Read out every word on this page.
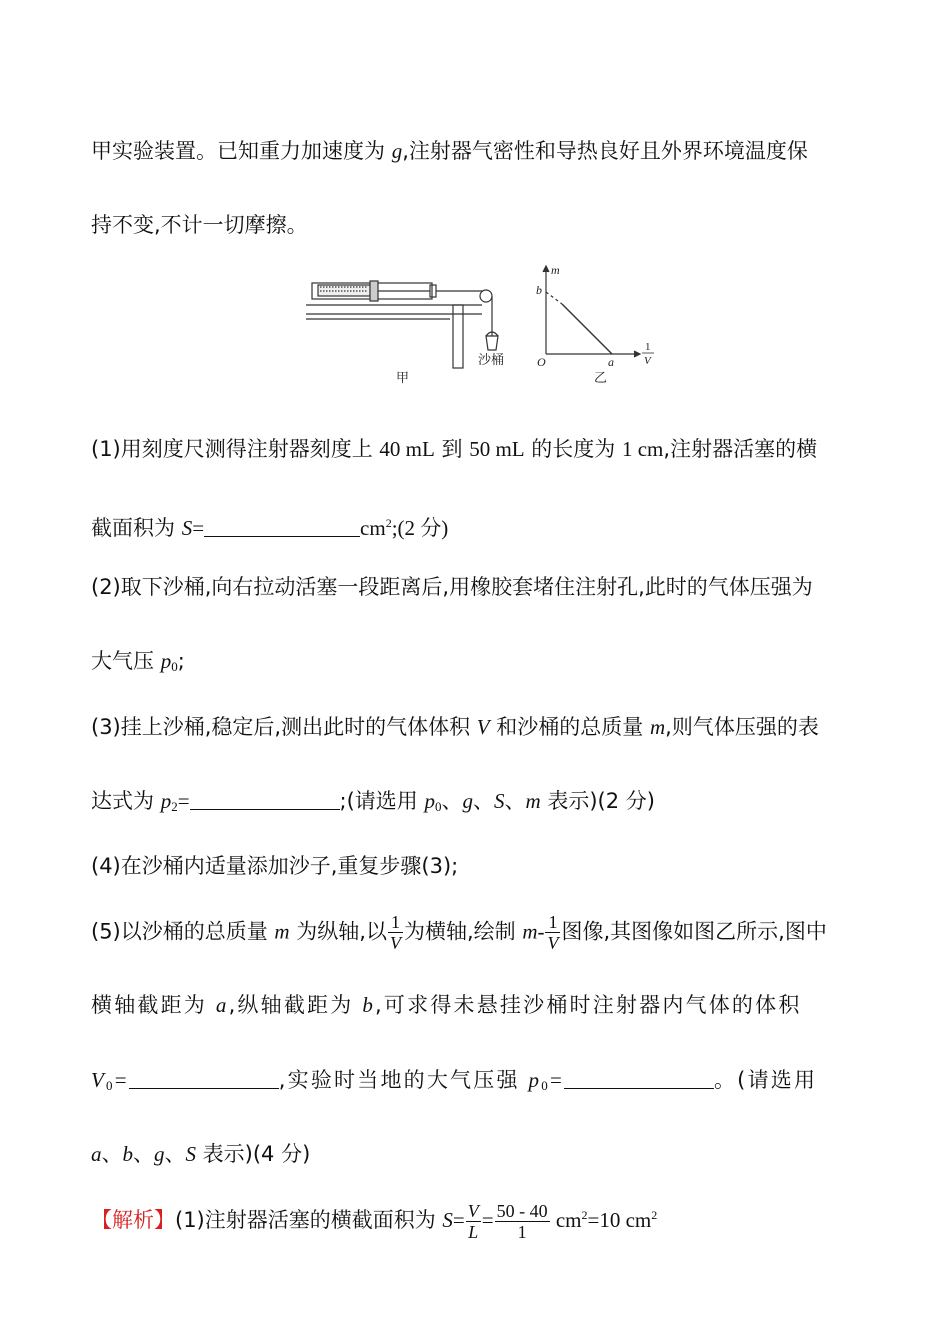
甲实验装置。已知重力加速度为 g,注射器气密性和导热良好且外界环境温度保
持不变,不计一切摩擦。
沙桶
甲
m
b
O	a
1
V
乙
(1)用刻度尺测得注射器刻度上 40 mL 到 50 mL 的长度为 1 cm,注射器活塞的横
截面积为 S=	$cm^2;(2$ 分)
(2)取下沙桶,向右拉动活塞一段距离后,用橡胶套堵住注射孔,此时的气体压强为
大气压 $p_0$;
(3)挂上沙桶,稳定后,测出此时的气体体积 V 和沙桶的总质量 m,则气体压强的表
达式为 $p_2=$	;(请选用 $p_0$、g、S、m 表示)(2 分)
(4)在沙桶内适量添加沙子,重复步骤(3);
(5)以沙桶的总质量 m 为纵轴,以 $\frac{1}{V}$ 为横轴,绘制 $m- \frac{1}{V}$ 图像,其图像如图乙所示,图中
横轴截距为 a,纵轴截距为 b,可求得未悬挂沙桶时注射器内气体的体积
$V_0=$	,实验时当地的大气压强 $p_0=$	。(请选用
a、b、g、S 表示)(4 分)
【解析】(1)注射器活塞的横截面积为 $S= \frac{V}{L} = \frac{50 - 40}{1} cm^2=10$ $cm^2$
